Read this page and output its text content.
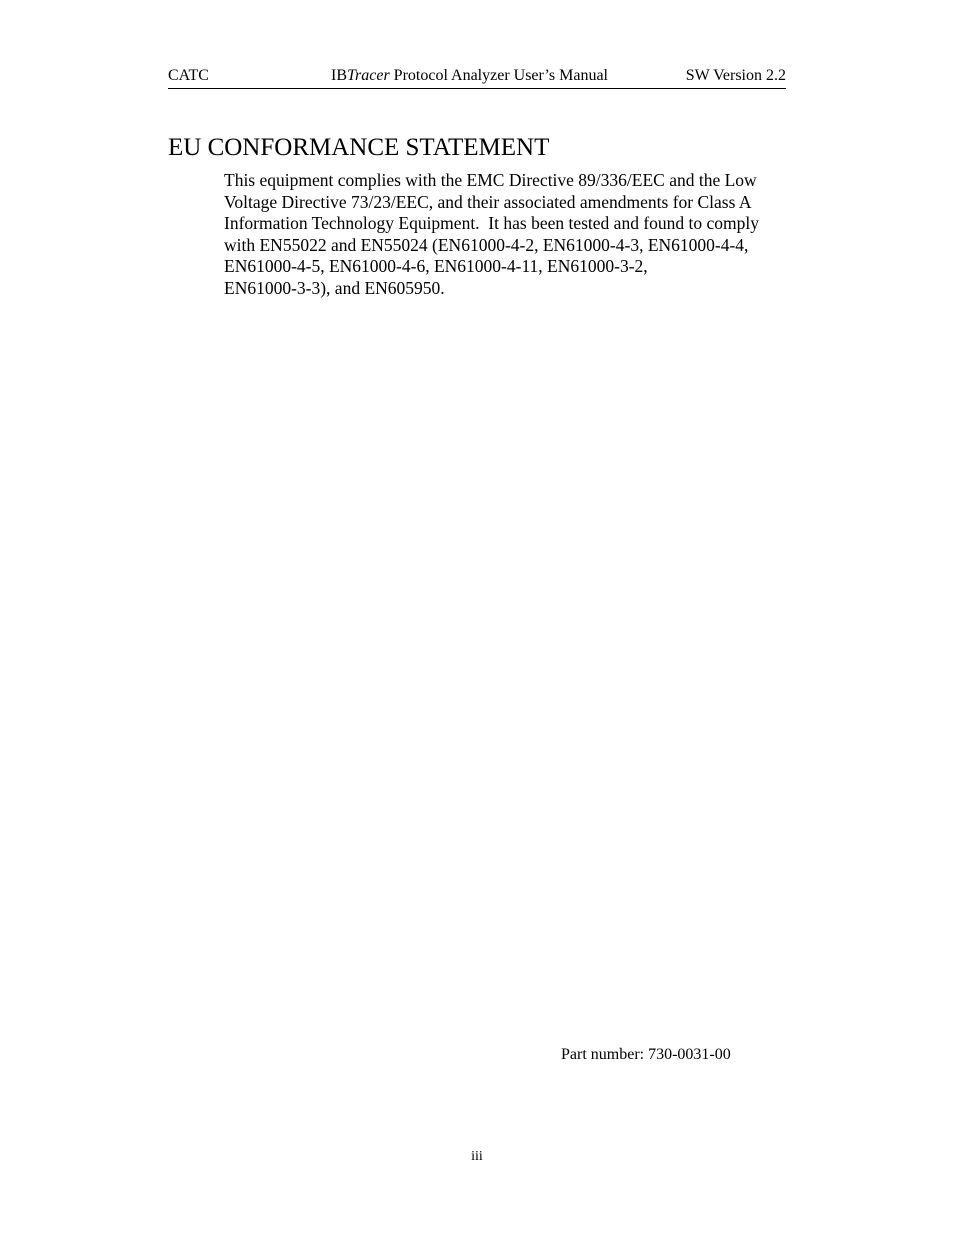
CATC	IBTracer Protocol Analyzer User’s Manual	SW Version 2.2
EU CONFORMANCE STATEMENT
This equipment complies with the EMC Directive 89/336/EEC and the Low
Voltage Directive 73/23/EEC, and their associated amendments for Class A
Information Technology Equipment.  It has been tested and found to comply
with EN55022 and EN55024 (EN61000-4-2, EN61000-4-3, EN61000-4-4,
EN61000-4-5, EN61000-4-6, EN61000-4-11, EN61000-3-2,
EN61000-3-3), and EN605950.
Part number: 730-0031-00
iii
